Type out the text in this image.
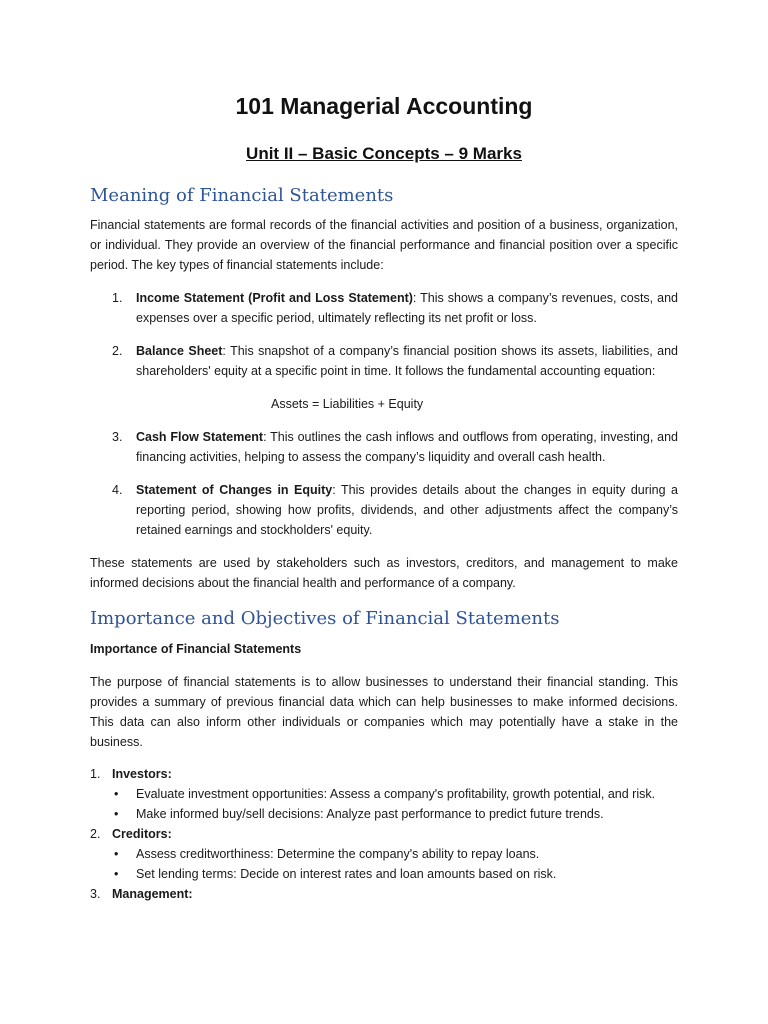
101 Managerial Accounting
Unit II – Basic Concepts – 9 Marks
Meaning of Financial Statements

Financial statements are formal records of the financial activities and position of a business, organization, or individual. They provide an overview of the financial performance and financial position over a specific period. The key types of financial statements include:

1. Income Statement (Profit and Loss Statement): This shows a company’s revenues, costs, and expenses over a specific period, ultimately reflecting its net profit or loss.
2. Balance Sheet: This snapshot of a company’s financial position shows its assets, liabilities, and shareholders' equity at a specific point in time. It follows the fundamental accounting equation:
Assets = Liabilities + Equity
3. Cash Flow Statement: This outlines the cash inflows and outflows from operating, investing, and financing activities, helping to assess the company’s liquidity and overall cash health.
4. Statement of Changes in Equity: This provides details about the changes in equity during a reporting period, showing how profits, dividends, and other adjustments affect the company’s retained earnings and stockholders' equity.

These statements are used by stakeholders such as investors, creditors, and management to make informed decisions about the financial health and performance of a company.

Importance and Objectives of Financial Statements

Importance of Financial Statements

The purpose of financial statements is to allow businesses to understand their financial standing. This provides a summary of previous financial data which can help businesses to make informed decisions. This data can also inform other individuals or companies which may potentially have a stake in the business.

1. Investors:
• Evaluate investment opportunities: Assess a company's profitability, growth potential, and risk.
• Make informed buy/sell decisions: Analyze past performance to predict future trends.
2. Creditors:
• Assess creditworthiness: Determine the company's ability to repay loans.
• Set lending terms: Decide on interest rates and loan amounts based on risk.
3. Management:
